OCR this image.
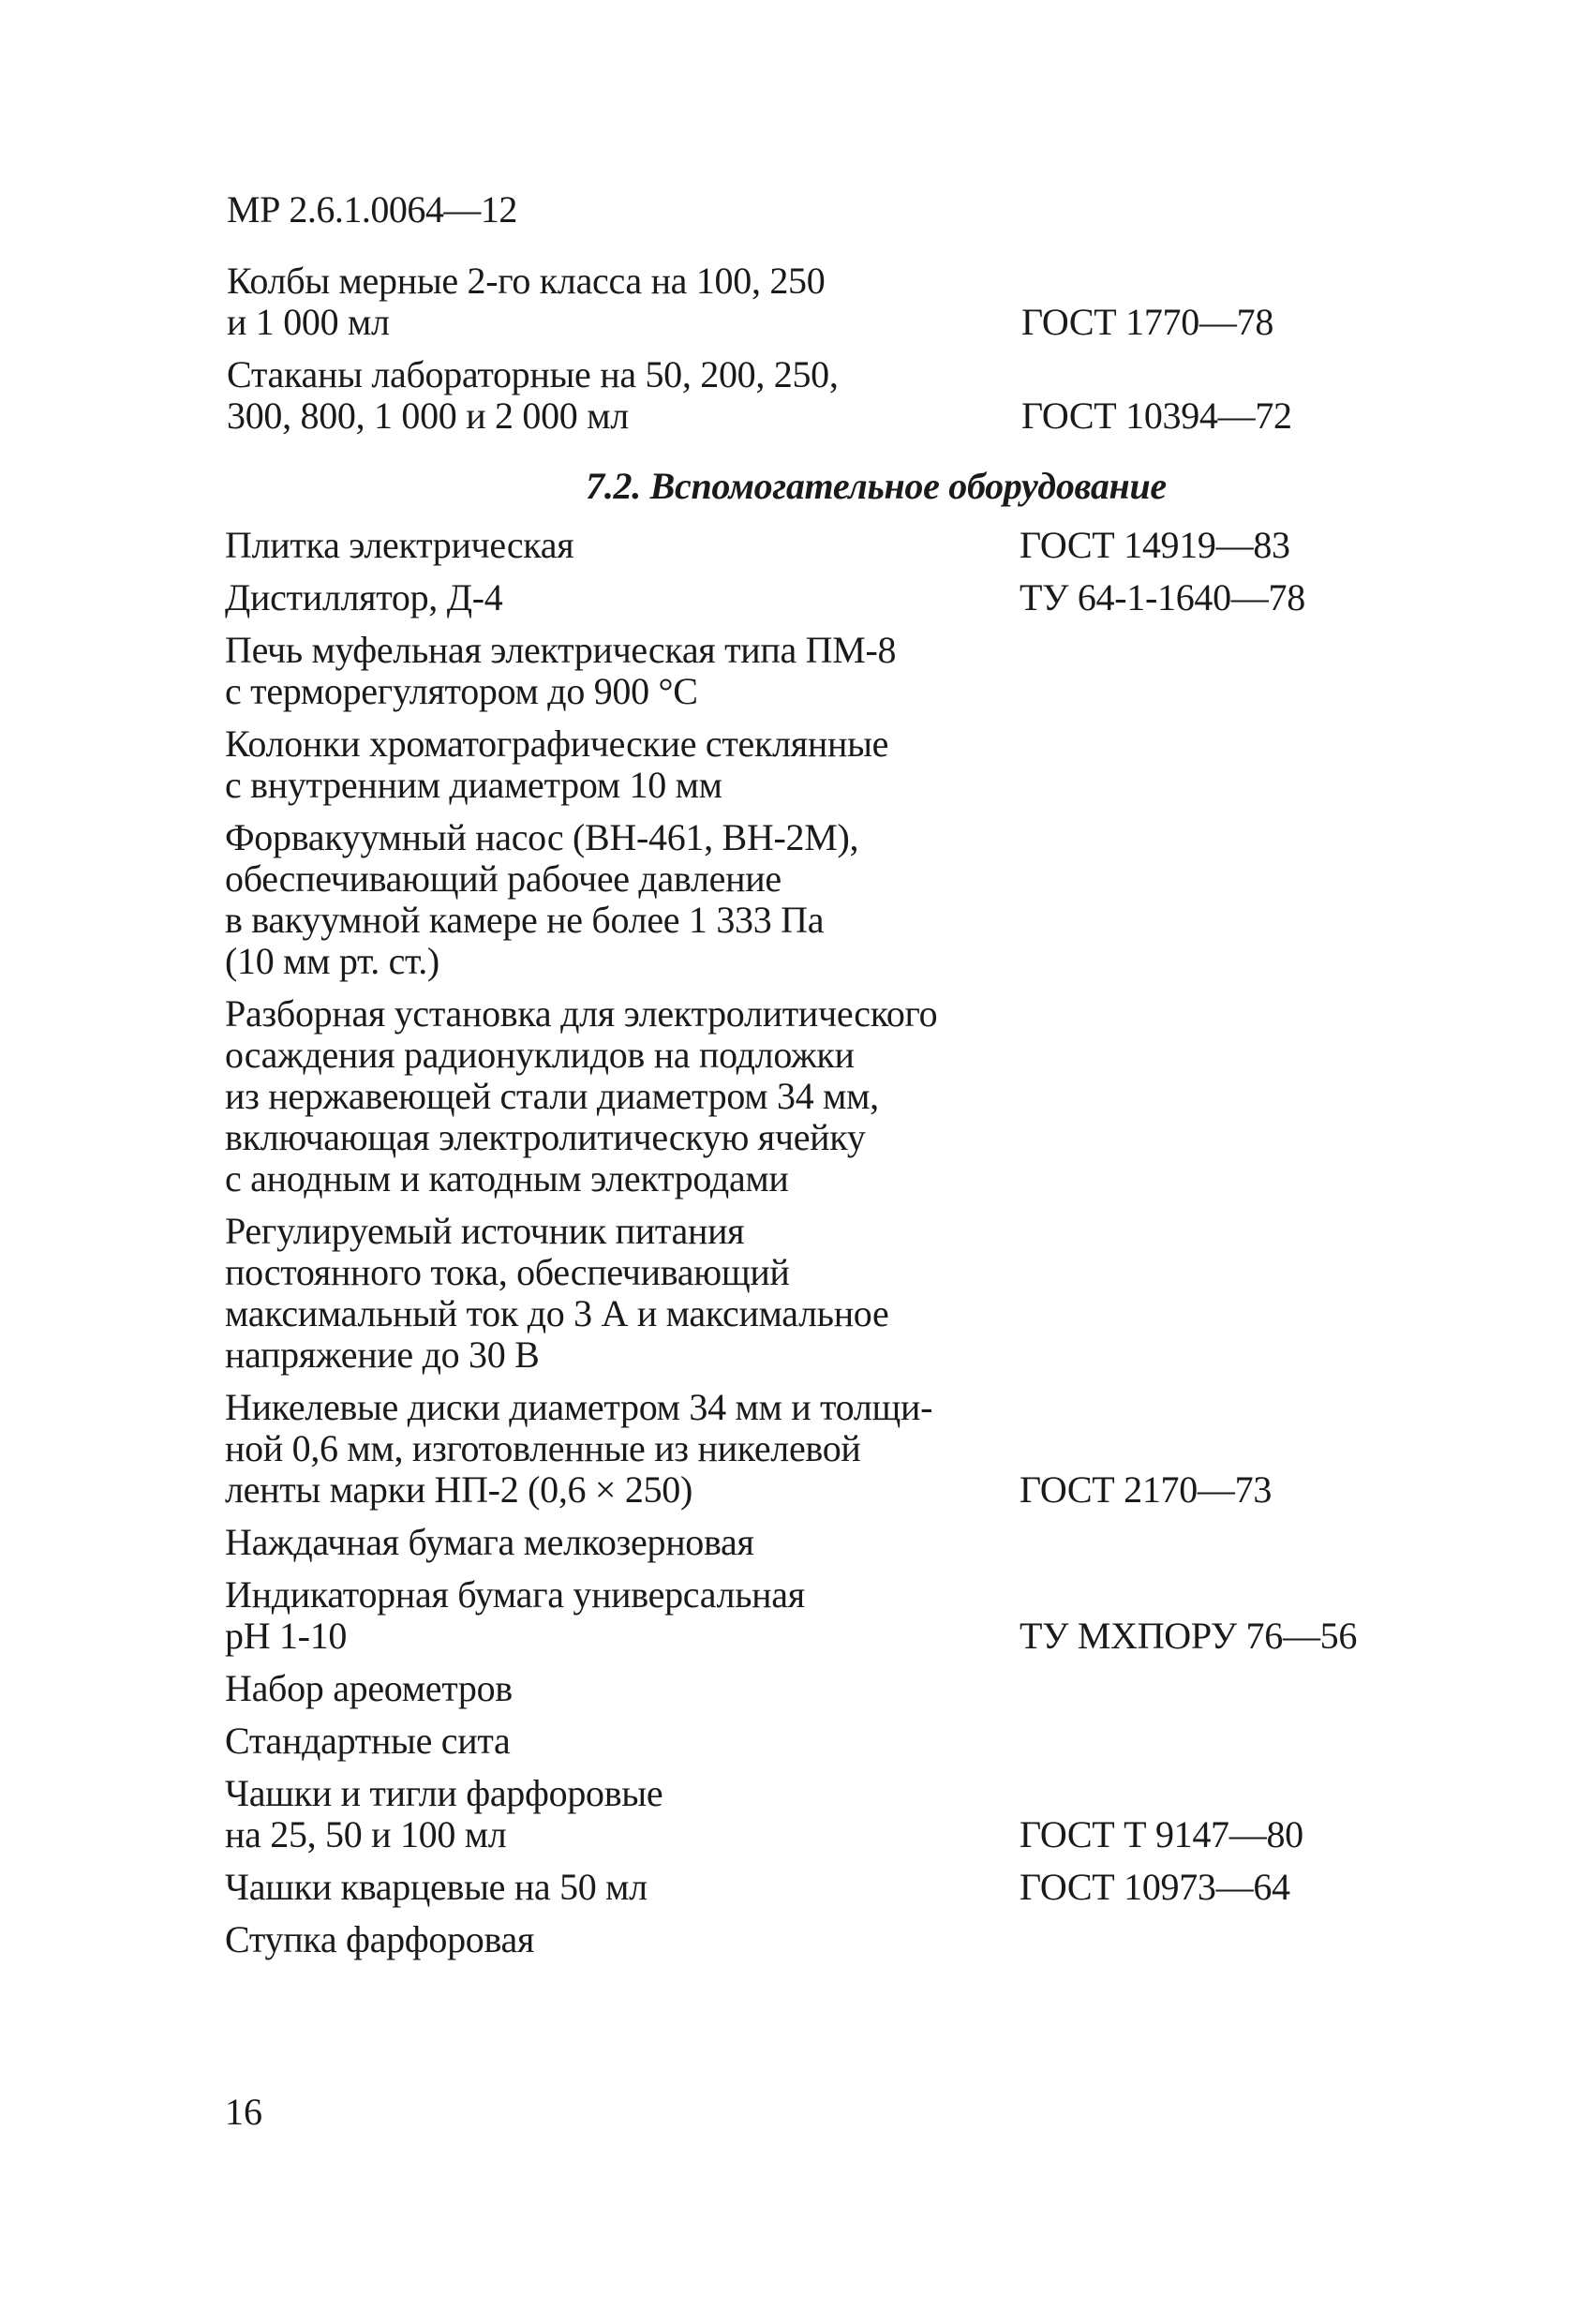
МР 2.6.1.0064—12
Колбы мерные 2-го класса на 100, 250
и 1 000 мл	ГОСТ 1770—78
Стаканы лабораторные на 50, 200, 250,
300, 800, 1 000 и 2 000 мл	ГОСТ 10394—72
7.2. Вспомогательное оборудование
Плитка электрическая	ГОСТ 14919—83
Дистиллятор, Д-4	ТУ 64-1-1640—78
Печь муфельная электрическая типа ПМ-8
с терморегулятором до 900 °С
Колонки хроматографические стеклянные
с внутренним диаметром 10 мм
Форвакуумный насос (ВН-461, ВН-2М),
обеспечивающий рабочее давление
в вакуумной камере не более 1 333 Па
(10 мм рт. ст.)
Разборная установка для электролитического
осаждения радионуклидов на подложки
из нержавеющей стали диаметром 34 мм,
включающая электролитическую ячейку
с анодным и катодным электродами
Регулируемый источник питания
постоянного тока, обеспечивающий
максимальный ток до 3 А и максимальное
напряжение до 30 В
Никелевые диски диаметром 34 мм и толщи-
ной 0,6 мм, изготовленные из никелевой
ленты марки НП-2 (0,6 × 250)	ГОСТ 2170—73
Наждачная бумага мелкозерновая
Индикаторная бумага универсальная
pH 1-10	ТУ МХПОРУ 76—56
Набор ареометров
Стандартные сита
Чашки и тигли фарфоровые
на 25, 50 и 100 мл	ГОСТ Т 9147—80
Чашки кварцевые на 50 мл	ГОСТ 10973—64
Ступка фарфоровая
16
